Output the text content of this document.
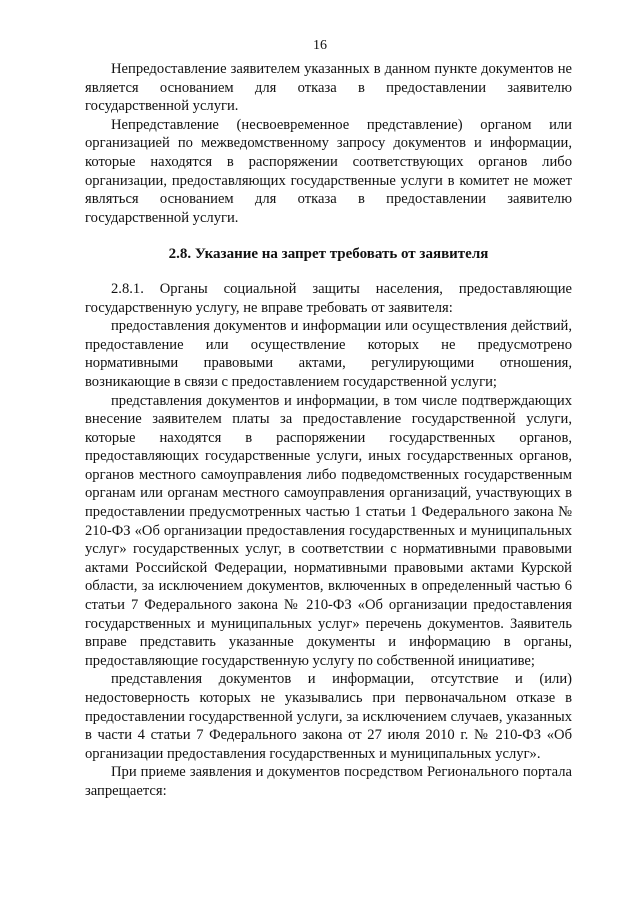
16

Непредоставление заявителем указанных в данном пункте документов не является основанием для отказа в предоставлении заявителю государственной услуги.

Непредставление (несвоевременное представление) органом или организацией по межведомственному запросу документов и информации, которые находятся в распоряжении соответствующих органов либо организации, предоставляющих государственные услуги в комитет не может являться основанием для отказа в предоставлении заявителю государственной услуги.

2.8. Указание на запрет требовать от заявителя

2.8.1. Органы социальной защиты населения, предоставляющие государственную услугу, не вправе требовать от заявителя:

предоставления документов и информации или осуществления действий, предоставление или осуществление которых не предусмотрено нормативными правовыми актами, регулирующими отношения, возникающие в связи с предоставлением государственной услуги;

представления документов и информации, в том числе подтверждающих внесение заявителем платы за предоставление государственной услуги, которые находятся в распоряжении государственных органов, предоставляющих государственные услуги, иных государственных органов, органов местного самоуправления либо подведомственных государственным органам или органам местного самоуправления организаций, участвующих в предоставлении предусмотренных частью 1 статьи 1 Федерального закона № 210-ФЗ «Об организации предоставления государственных и муниципальных услуг» государственных услуг, в соответствии с нормативными правовыми актами Российской Федерации, нормативными правовыми актами Курской области, за исключением документов, включенных в определенный частью 6 статьи 7 Федерального закона № 210-ФЗ «Об организации предоставления государственных и муниципальных услуг» перечень документов. Заявитель вправе представить указанные документы и информацию в органы, предоставляющие государственную услугу по собственной инициативе;

представления документов и информации, отсутствие и (или) недостоверность которых не указывались при первоначальном отказе в предоставлении государственной услуги, за исключением случаев, указанных в части 4 статьи 7 Федерального закона от 27 июля 2010 г. № 210-ФЗ «Об организации предоставления государственных и муниципальных услуг».

При приеме заявления и документов посредством Регионального портала запрещается:
